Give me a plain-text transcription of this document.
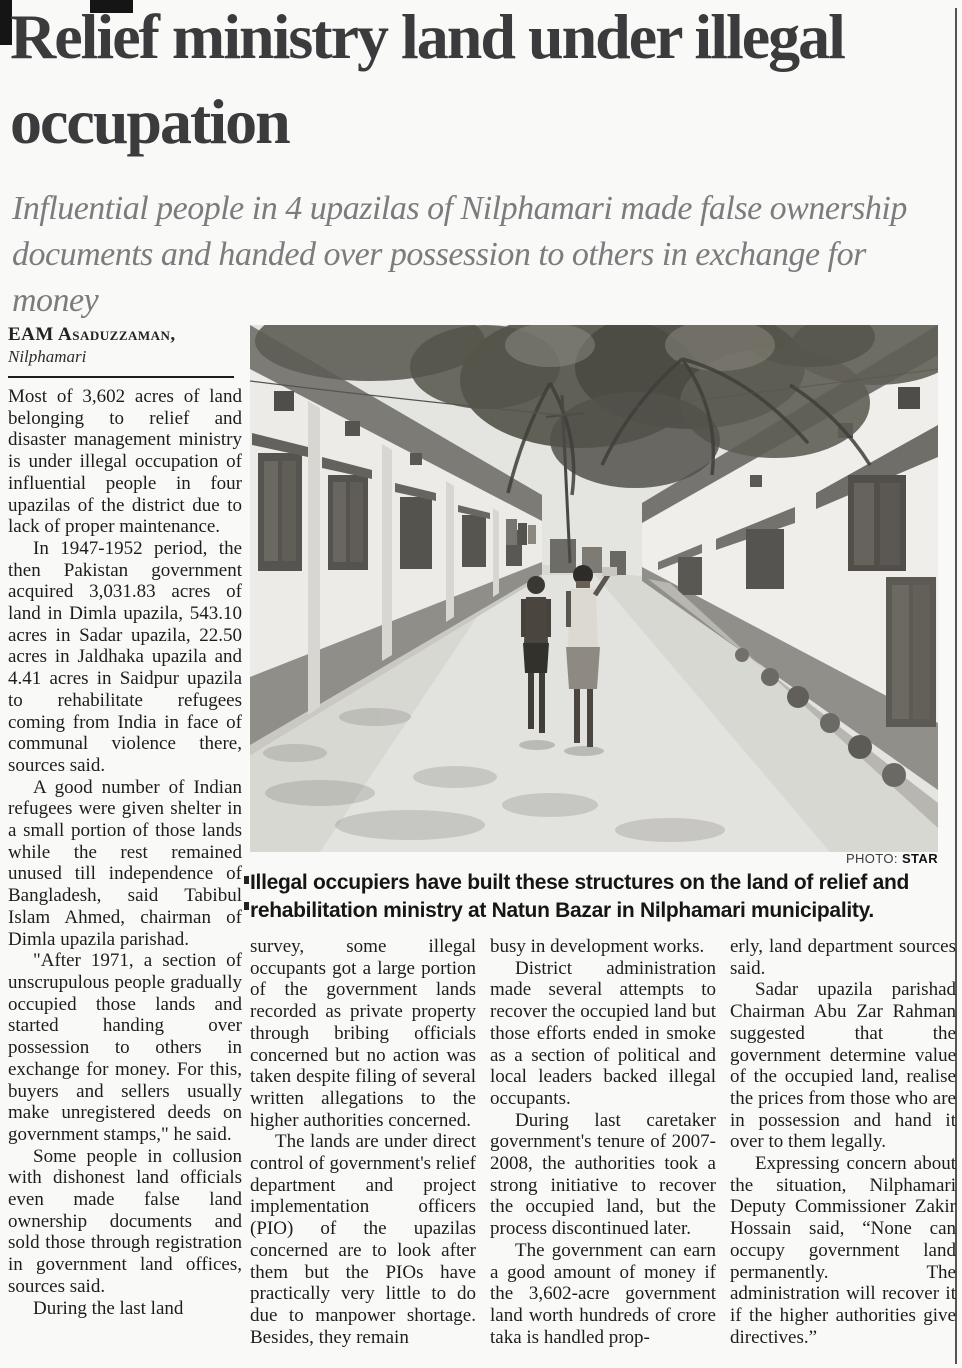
Relief ministry land under illegal occupation

Influential people in 4 upazilas of Nilphamari made false ownership documents and handed over possession to others in exchange for money

EAM Asaduzzaman,
Nilphamari

Most of 3,602 acres of land belonging to relief and disaster management ministry is under illegal occupation of influential people in four upazilas of the district due to lack of proper maintenance.

In 1947-1952 period, the then Pakistan government acquired 3,031.83 acres of land in Dimla upazila, 543.10 acres in Sadar upazila, 22.50 acres in Jaldhaka upazila and 4.41 acres in Saidpur upazila to rehabilitate refugees coming from India in face of communal violence there, sources said.

A good number of Indian refugees were given shelter in a small portion of those lands while the rest remained unused till independence of Bangladesh, said Tabibul Islam Ahmed, chairman of Dimla upazila parishad.

"After 1971, a section of unscrupulous people gradually occupied those lands and started handing over possession to others in exchange for money. For this, buyers and sellers usually make unregistered deeds on government stamps," he said.

Some people in collusion with dishonest land officials even made false land ownership documents and sold those through registration in government land offices, sources said.

During the last land

PHOTO: STAR

Illegal occupiers have built these structures on the land of relief and rehabilitation ministry at Natun Bazar in Nilphamari municipality.

survey, some illegal occupants got a large portion of the government lands recorded as private property through bribing officials concerned but no action was taken despite filing of several written allegations to the higher authorities concerned.

The lands are under direct control of government's relief department and project implementation officers (PIO) of the upazilas concerned are to look after them but the PIOs have practically very little to do due to manpower shortage. Besides, they remain

busy in development works.

District administration made several attempts to recover the occupied land but those efforts ended in smoke as a section of political and local leaders backed illegal occupants.

During last caretaker government's tenure of 2007-2008, the authorities took a strong initiative to recover the occupied land, but the process discontinued later.

The government can earn a good amount of money if the 3,602-acre government land worth hundreds of crore taka is handled prop-

erly, land department sources said.

Sadar upazila parishad Chairman Abu Zar Rahman suggested that the government determine value of the occupied land, realise the prices from those who are in possession and hand it over to them legally.

Expressing concern about the situation, Nilphamari Deputy Commissioner Zakir Hossain said, “None can occupy government land permanently. The administration will recover it if the higher authorities give directives.”
